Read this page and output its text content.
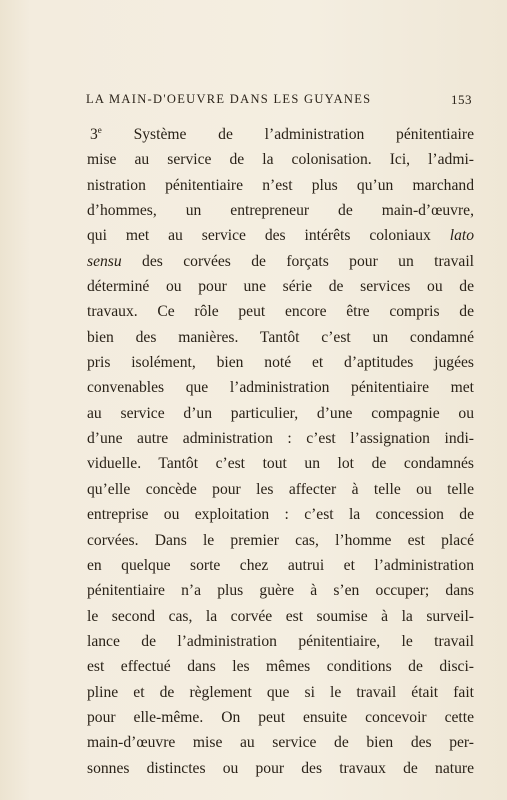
LA MAIN-D'OEUVRE DANS LES GUYANES	153
3e Système de l’administration pénitentiaire
mise au service de la colonisation. Ici, l’admi-
nistration pénitentiaire n’est plus qu’un marchand
d’hommes, un entrepreneur de main-d’œuvre,
qui met au service des intérêts coloniaux lato
sensu des corvées de forçats pour un travail
déterminé ou pour une série de services ou de
travaux. Ce rôle peut encore être compris de
bien des manières. Tantôt c’est un condamné
pris isolément, bien noté et d’aptitudes jugées
convenables que l’administration pénitentiaire met
au service d’un particulier, d’une compagnie ou
d’une autre administration : c’est l’assignation indi-
viduelle. Tantôt c’est tout un lot de condamnés
qu’elle concède pour les affecter à telle ou telle
entreprise ou exploitation : c’est la concession de
corvées. Dans le premier cas, l’homme est placé
en quelque sorte chez autrui et l’administration
pénitentiaire n’a plus guère à s’en occuper; dans
le second cas, la corvée est soumise à la surveil-
lance de l’administration pénitentiaire, le travail
est effectué dans les mêmes conditions de disci-
pline et de règlement que si le travail était fait
pour elle-même. On peut ensuite concevoir cette
main-d’œuvre mise au service de bien des per-
sonnes distinctes ou pour des travaux de nature
